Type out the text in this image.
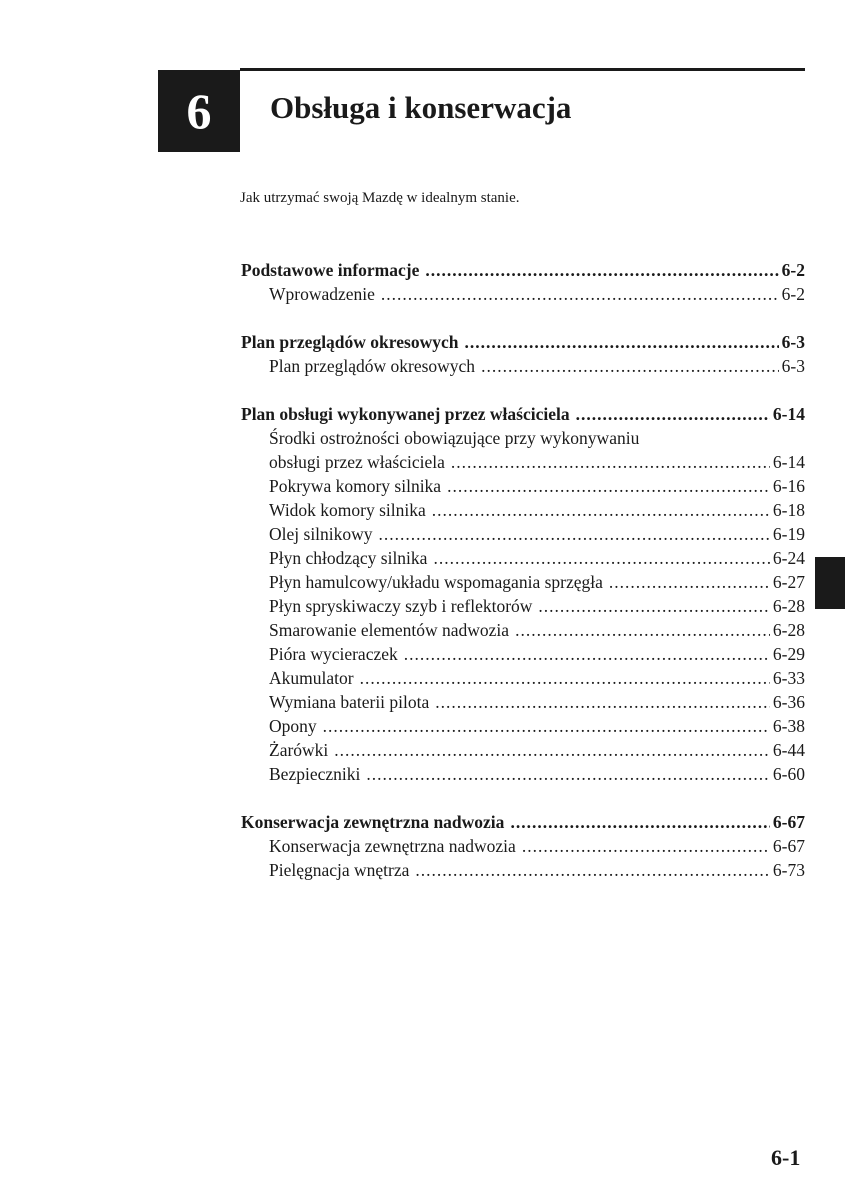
6 Obsługa i konserwacja
Jak utrzymać swoją Mazdę w idealnym stanie.
Podstawowe informacje .....	6-2
Wprowadzenie .....	6-2
Plan przeglądów okresowych .....	6-3
Plan przeglądów okresowych .....	6-3
Plan obsługi wykonywanej przez właściciela .....	6-14
Środki ostrożności obowiązujące przy wykonywaniu
obsługi przez właściciela .....	6-14
Pokrywa komory silnika .....	6-16
Widok komory silnika .....	6-18
Olej silnikowy .....	6-19
Płyn chłodzący silnika .....	6-24
Płyn hamulcowy/układu wspomagania sprzęgła .....	6-27
Płyn spryskiwaczy szyb i reflektorów .....	6-28
Smarowanie elementów nadwozia .....	6-28
Pióra wycieraczek .....	6-29
Akumulator .....	6-33
Wymiana baterii pilota .....	6-36
Opony .....	6-38
Żarówki .....	6-44
Bezpieczniki .....	6-60
Konserwacja zewnętrzna nadwozia .....	6-67
Konserwacja zewnętrzna nadwozia .....	6-67
Pielęgnacja wnętrza .....	6-73
6-1
